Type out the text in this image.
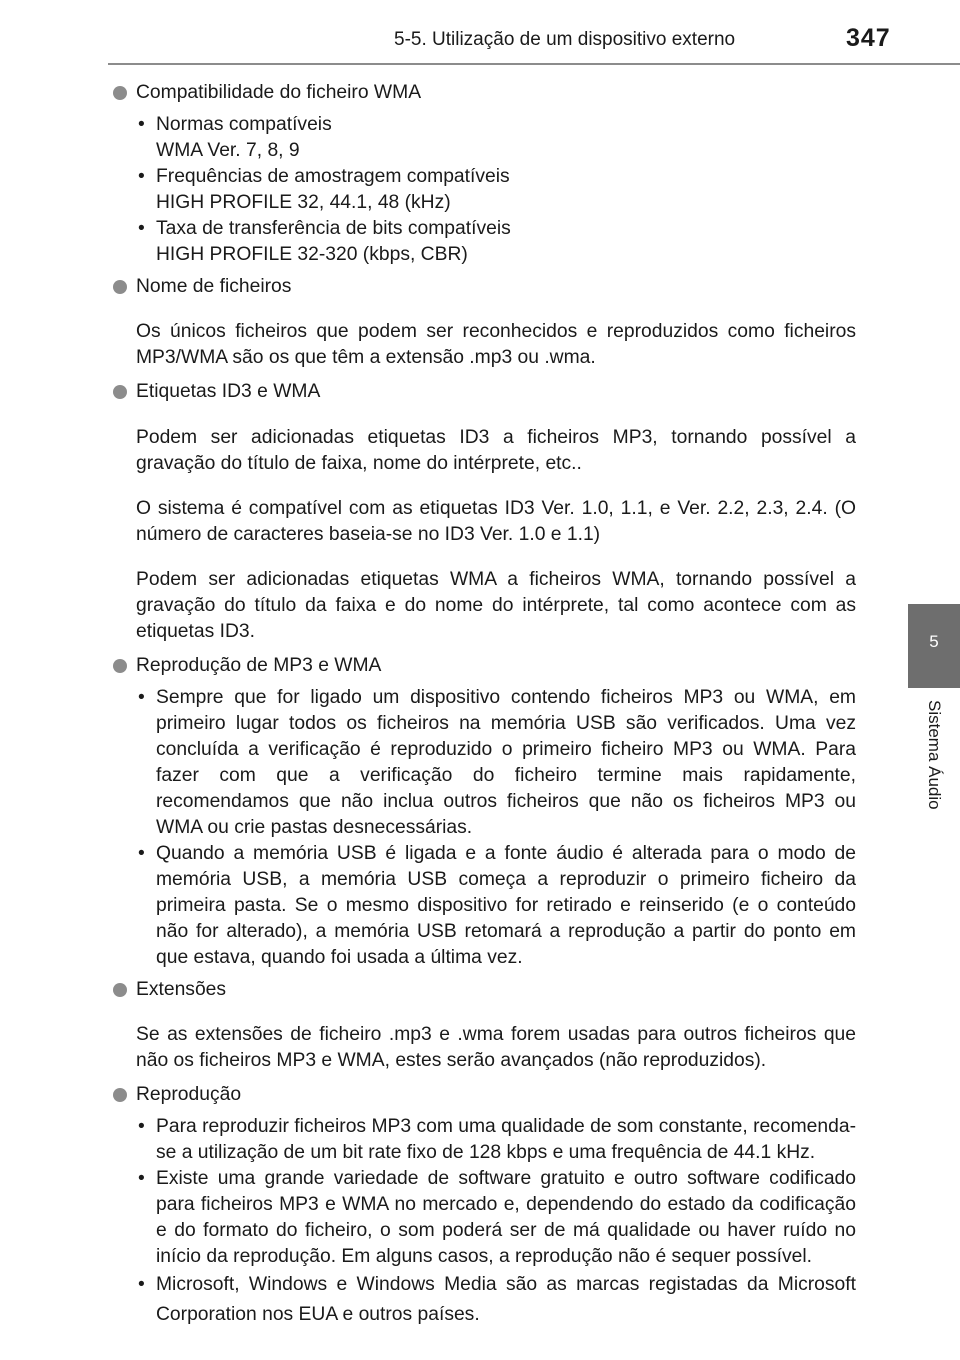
5-5. Utilização de um dispositivo externo	347
5
Sistema Áudio
Compatibilidade do ficheiro WMA
• Normas compatíveis
WMA Ver. 7, 8, 9
• Frequências de amostragem compatíveis
HIGH PROFILE 32, 44.1, 48 (kHz)
• Taxa de transferência de bits compatíveis
HIGH PROFILE 32-320 (kbps, CBR)
Nome de ficheiros

Os únicos ficheiros que podem ser reconhecidos e reproduzidos como ficheiros MP3/WMA são os que têm a extensão .mp3 ou .wma.

Etiquetas ID3 e WMA

Podem ser adicionadas etiquetas ID3 a ficheiros MP3, tornando possível a gravação do título de faixa, nome do intérprete, etc..

O sistema é compatível com as etiquetas ID3 Ver. 1.0, 1.1, e Ver. 2.2, 2.3, 2.4. (O número de caracteres baseia-se no ID3 Ver. 1.0 e 1.1)

Podem ser adicionadas etiquetas WMA a ficheiros WMA, tornando possível a gravação do título da faixa e do nome do intérprete, tal como acontece com as etiquetas ID3.

Reprodução de MP3 e WMA
• Sempre que for ligado um dispositivo contendo ficheiros MP3 ou WMA, em primeiro lugar todos os ficheiros na memória USB são verificados. Uma vez concluída a verificação é reproduzido o primeiro ficheiro MP3 ou WMA. Para fazer com que a verificação do ficheiro termine mais rapidamente, recomendamos que não inclua outros ficheiros que não os ficheiros MP3 ou WMA ou crie pastas desnecessárias.
• Quando a memória USB é ligada e a fonte áudio é alterada para o modo de memória USB, a memória USB começa a reproduzir o primeiro ficheiro da primeira pasta. Se o mesmo dispositivo for retirado e reinserido (e o conteúdo não for alterado), a memória USB retomará a reprodução a partir do ponto em que estava, quando foi usada a última vez.
Extensões

Se as extensões de ficheiro .mp3 e .wma forem usadas para outros ficheiros que não os ficheiros MP3 e WMA, estes serão avançados (não reproduzidos).

Reprodução
• Para reproduzir ficheiros MP3 com uma qualidade de som constante, recomenda-se a utilização de um bit rate fixo de 128 kbps e uma frequência de 44.1 kHz.
• Existe uma grande variedade de software gratuito e outro software codificado para ficheiros MP3 e WMA no mercado e, dependendo do estado da codificação e do formato do ficheiro, o som poderá ser de má qualidade ou haver ruído no início da reprodução. Em alguns casos, a reprodução não é sequer possível.
• Microsoft, Windows e Windows Media são as marcas registadas da Microsoft Corporation nos EUA e outros países.
